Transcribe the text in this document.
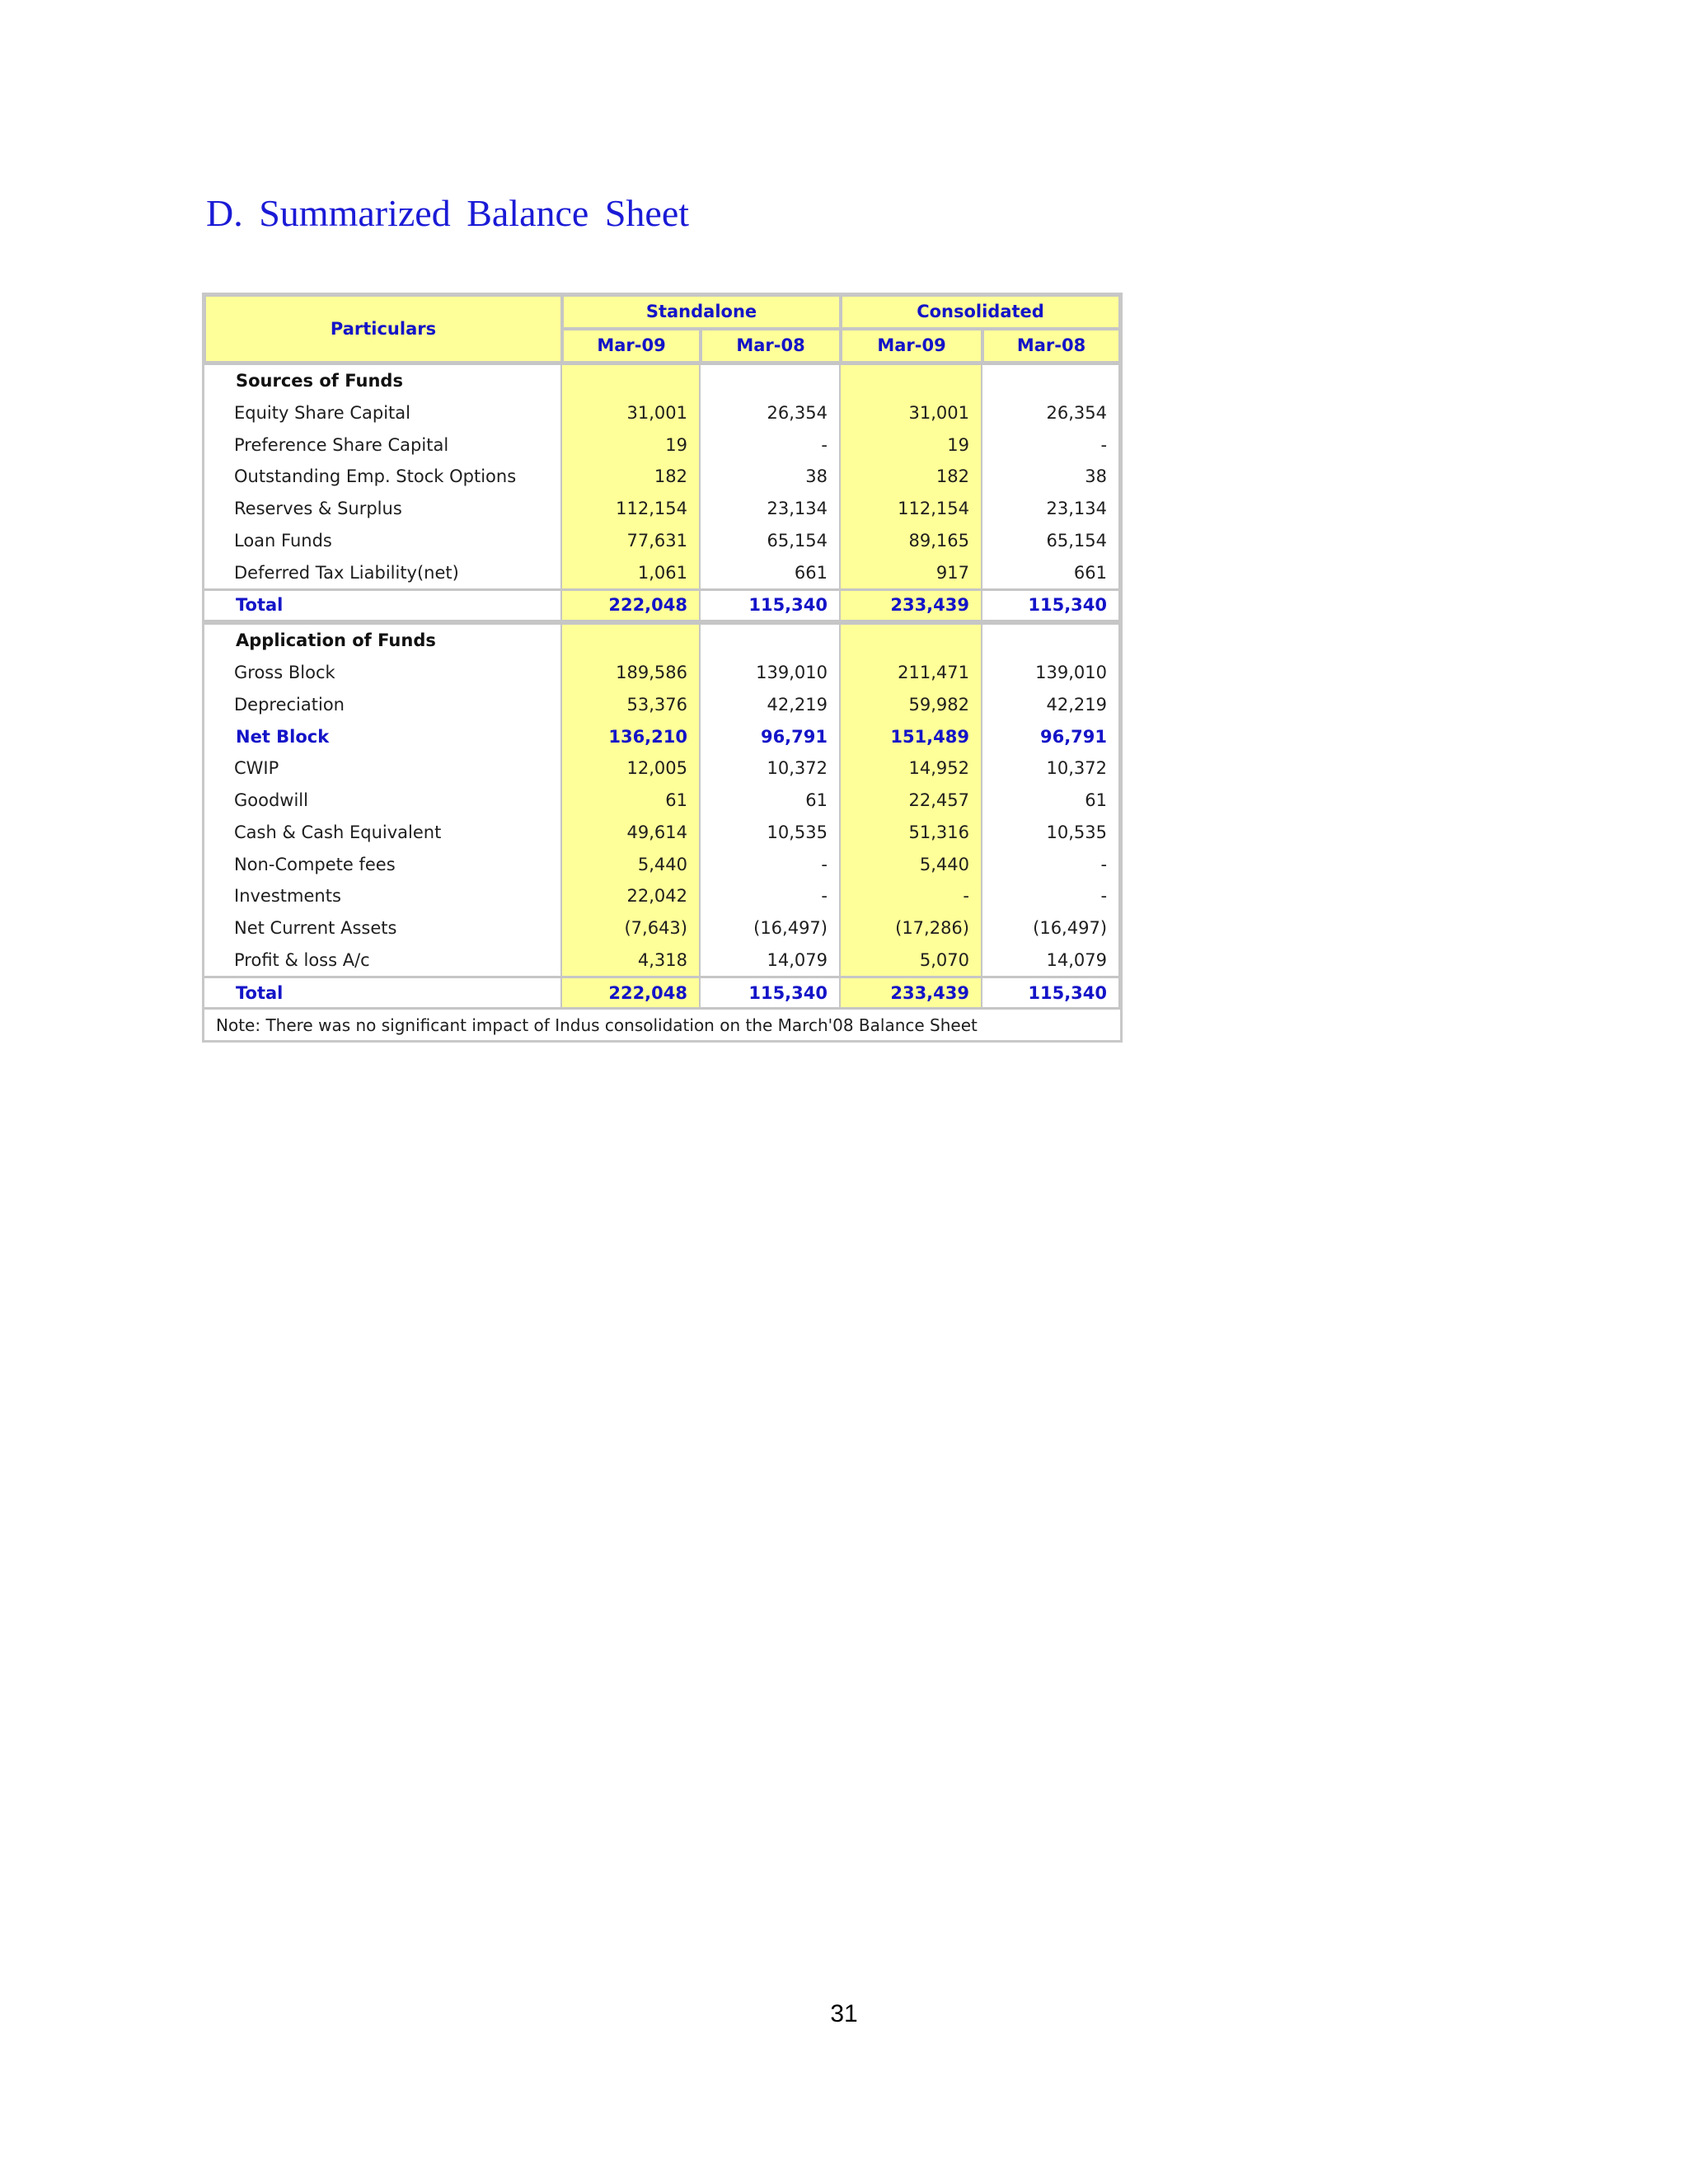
D. Summarized Balance Sheet
Particulars	Standalone		Consolidated	
	Mar-09	Mar-08	Mar-09	Mar-08
Sources of Funds				
Equity Share Capital	31,001	26,354	31,001	26,354
Preference Share Capital	19	-	19	-
Outstanding Emp. Stock Options	182	38	182	38
Reserves & Surplus	112,154	23,134	112,154	23,134
Loan Funds	77,631	65,154	89,165	65,154
Deferred Tax Liability(net)	1,061	661	917	661
Total	222,048	115,340	233,439	115,340
Application of Funds				
Gross Block	189,586	139,010	211,471	139,010
Depreciation	53,376	42,219	59,982	42,219
Net Block	136,210	96,791	151,489	96,791
CWIP	12,005	10,372	14,952	10,372
Goodwill	61	61	22,457	61
Cash & Cash Equivalent	49,614	10,535	51,316	10,535
Non-Compete fees	5,440	-	5,440	-
Investments	22,042	-	-	-
Net Current Assets	(7,643)	(16,497)	(17,286)	(16,497)
Profit & loss A/c	4,318	14,079	5,070	14,079
Total	222,048	115,340	233,439	115,340
Note: There was no significant impact of Indus consolidation on the March'08 Balance Sheet				
31
